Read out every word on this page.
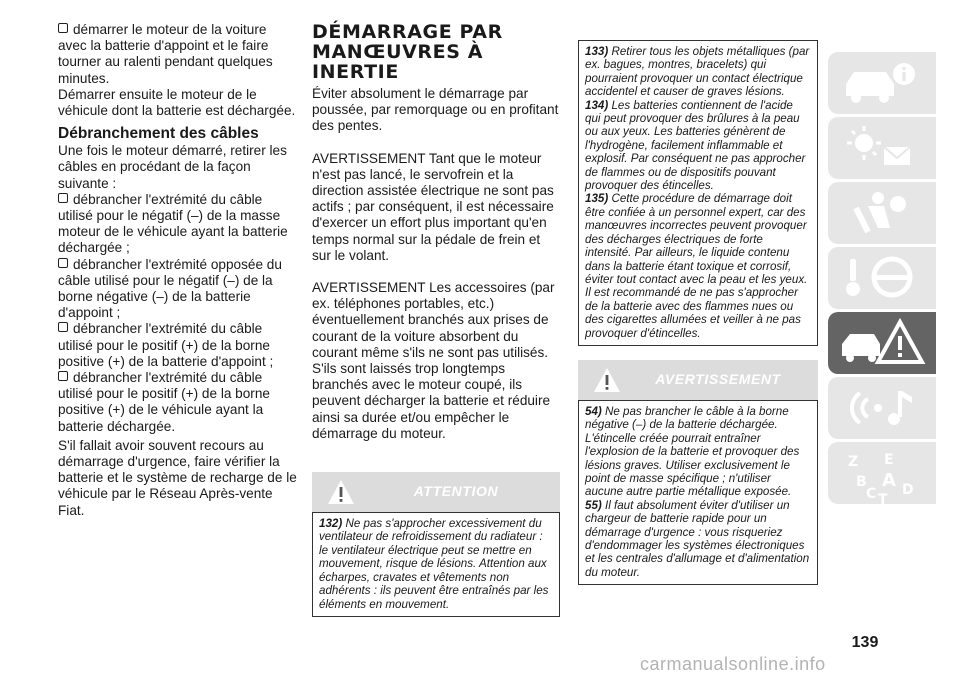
démarrer le moteur de la voiture avec la batterie d'appoint et le faire tourner au ralenti pendant quelques minutes.

Démarrer ensuite le moteur de le véhicule dont la batterie est déchargée.

Débranchement des câbles

Une fois le moteur démarré, retirer les câbles en procédant de la façon suivante :

débrancher l'extrémité du câble utilisé pour le négatif (–) de la masse moteur de le véhicule ayant la batterie déchargée ;
débrancher l'extrémité opposée du câble utilisé pour le négatif (–) de la borne négative (–) de la batterie d'appoint ;
débrancher l'extrémité du câble utilisé pour le positif (+) de la borne positive (+) de la batterie d'appoint ;
débrancher l'extrémité du câble utilisé pour le positif (+) de la borne positive (+) de le véhicule ayant la batterie déchargée.

S'il fallait avoir souvent recours au démarrage d'urgence, faire vérifier la batterie et le système de recharge de le véhicule par le Réseau Après-vente Fiat.

DÉMARRAGE PAR MANŒUVRES À INERTIE

Éviter absolument le démarrage par poussée, par remorquage ou en profitant des pentes.

AVERTISSEMENT Tant que le moteur n'est pas lancé, le servofrein et la direction assistée électrique ne sont pas actifs ; par conséquent, il est nécessaire d'exercer un effort plus important qu'en temps normal sur la pédale de frein et sur le volant.

AVERTISSEMENT Les accessoires (par ex. téléphones portables, etc.) éventuellement branchés aux prises de courant de la voiture absorbent du courant même s'ils ne sont pas utilisés. S'ils sont laissés trop longtemps branchés avec le moteur coupé, ils peuvent décharger la batterie et réduire ainsi sa durée et/ou empêcher le démarrage du moteur.

ATTENTION

132) Ne pas s'approcher excessivement du ventilateur de refroidissement du radiateur : le ventilateur électrique peut se mettre en mouvement, risque de lésions. Attention aux écharpes, cravates et vêtements non adhérents : ils peuvent être entraînés par les éléments en mouvement.

133) Retirer tous les objets métalliques (par ex. bagues, montres, bracelets) qui pourraient provoquer un contact électrique accidentel et causer de graves lésions.

134) Les batteries contiennent de l'acide qui peut provoquer des brûlures à la peau ou aux yeux. Les batteries génèrent de l'hydrogène, facilement inflammable et explosif. Par conséquent ne pas approcher de flammes ou de dispositifs pouvant provoquer des étincelles.

135) Cette procédure de démarrage doit être confiée à un personnel expert, car des manœuvres incorrectes peuvent provoquer des décharges électriques de forte intensité. Par ailleurs, le liquide contenu dans la batterie étant toxique et corrosif, éviter tout contact avec la peau et les yeux. Il est recommandé de ne pas s'approcher de la batterie avec des flammes nues ou des cigarettes allumées et veiller à ne pas provoquer d'étincelles.

AVERTISSEMENT

54) Ne pas brancher le câble à la borne négative (–) de la batterie déchargée. L'étincelle créée pourrait entraîner l'explosion de la batterie et provoquer des lésions graves. Utiliser exclusivement le point de masse spécifique ; n'utiliser aucune autre partie métallique exposée.

55) Il faut absolument éviter d'utiliser un chargeur de batterie rapide pour un démarrage d'urgence : vous risqueriez d'endommager les systèmes électroniques et les centrales d'allumage et d'alimentation du moteur.

Z E
B A
C T
D
139
carmanualsonline.info
